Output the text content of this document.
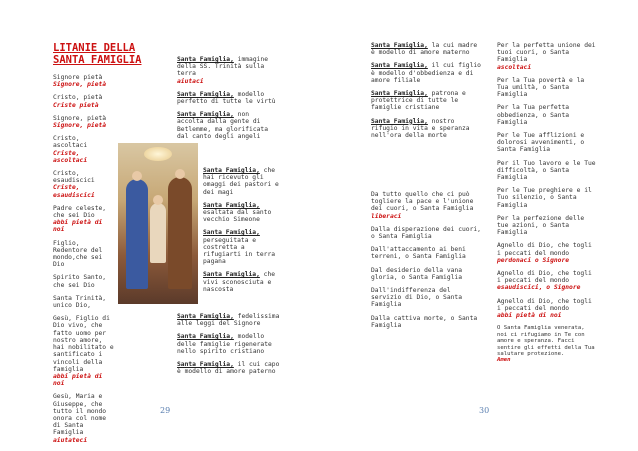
LITANIE DELLA
SANTA FAMIGLIA

Signore pietà
Signore, pietà

Cristo, pietà
Criste pietà

Signore, pietà
Signore, pietà

Cristo, ascoltaci
Criste, ascoltaci

Cristo, esaudiscici
Criste, esaudiscici

Padre celeste, che sei Dio
abbi pietà di noi

Figlio, Redentore del mondo,che sei Dio

Spirito Santo, che sei Dio

Santa Trinità, unico Dio,

Gesù, Figlio di Dio vivo, che fatto uomo per nostro amore, hai nobilitato e santificato i vincoli della famiglia
abbi pietà di noi

Gesù, Maria e Giuseppe, che tutto il mondo onora col nome di Santa Famiglia
aiutateci

Santa Famiglia, immagine della SS. Trinità sulla terra
aiutaci

Santa Famiglia, modello perfetto di tutte le virtù

Santa Famiglia, non accolta dalla gente di Betlemme, ma glorificata dal canto degli angeli

Santa Famiglia, che hai ricevuto gli omaggi dei pastori e dei magi

Santa Famiglia, esaltata dal santo vecchio Simeone

Santa Famiglia, perseguitata e costretta a rifugiarti in terra pagana

Santa Famiglia, che vivi sconosciuta e nascosta

Santa Famiglia, fedelissima alle leggi del Signore

Santa Famiglia, modello delle famiglie rigenerate nello spirito cristiano

Santa Famiglia, il cui capo è modello di amore paterno

29

Santa Famiglia, la cui madre è modello di amore materno

Santa Famiglia, il cui figlio è modello d'obbedienza e di amore filiale

Santa Famiglia, patrona e protettrice di tutte le famiglie cristiane

Santa Famiglia, nostro rifugio in vita e speranza nell'ora della morte

Da tutto quello che ci può togliere la pace e l'unione dei cuori, o Santa Famiglia
liberaci

Dalla disperazione dei cuori, o Santa Famiglia

Dall'attaccamento ai beni terreni, o Santa Famiglia

Dal desiderio della vana gloria, o Santa Famiglia

Dall'indifferenza del servizio di Dio, o Santa Famiglia

Dalla cattiva morte, o Santa Famiglia

Per la perfetta unione dei tuoi cuori, o Santa Famiglia
ascoltaci

Per la Tua povertà e la Tua umiltà, o Santa Famiglia

Per la Tua perfetta obbedienza, o Santa Famiglia

Per le Tue afflizioni e dolorosi avvenimenti, o Santa Famiglia

Per il Tuo lavoro e le Tue difficoltà, o Santa Famiglia

Per le Tue preghiere e il Tuo silenzio, o Santa Famiglia

Per la perfezione delle tue azioni, o Santa Famiglia

Agnello di Dio, che togli i peccati del mondo
perdonaci o Signore

Agnello di Dio, che togli i peccati del mondo
esaudiscici, o Signore

Agnello di Dio, che togli i peccati del mondo
abbi pietà di noi

O Santa Famiglia venerata, noi ci rifugiamo in Te con amore e speranza. Facci sentire gli effetti della Tua salutare protezione.
Amen

30
